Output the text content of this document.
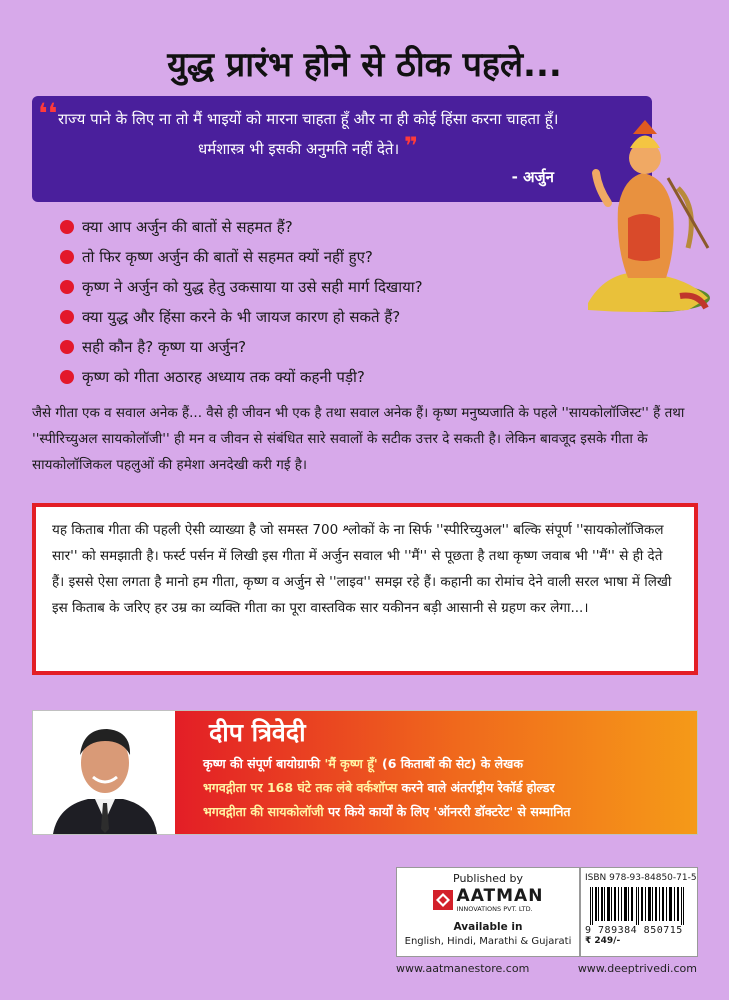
युद्ध प्रारंभ होने से ठीक पहले...
❛❛ राज्य पाने के लिए ना तो मैं भाइयों को मारना चाहता हूँ और ना ही कोई हिंसा करना चाहता हूँ।
धर्मशास्त्र भी इसकी अनुमति नहीं देते। ❞
- अर्जुन
क्या आप अर्जुन की बातों से सहमत हैं?
तो फिर कृष्ण अर्जुन की बातों से सहमत क्यों नहीं हुए?
कृष्ण ने अर्जुन को युद्ध हेतु उकसाया या उसे सही मार्ग दिखाया?
क्या युद्ध और हिंसा करने के भी जायज कारण हो सकते हैं?
सही कौन है? कृष्ण या अर्जुन?
कृष्ण को गीता अठारह अध्याय तक क्यों कहनी पड़ी?
जैसे गीता एक व सवाल अनेक हैं... वैसे ही जीवन भी एक है तथा सवाल अनेक हैं। कृष्ण मनुष्यजाति के पहले ''सायकोलॉजिस्ट'' हैं तथा ''स्पीरिच्युअल सायकोलॉजी'' ही मन व जीवन से संबंधित सारे सवालों के सटीक उत्तर दे सकती है। लेकिन बावजूद इसके गीता के सायकोलॉजिकल पहलुओं की हमेशा अनदेखी करी गई है।
यह किताब गीता की पहली ऐसी व्याख्या है जो समस्त 700 श्लोकों के ना सिर्फ ''स्पीरिच्युअल'' बल्कि संपूर्ण ''सायकोलॉजिकल सार'' को समझाती है। फर्स्ट पर्सन में लिखी इस गीता में अर्जुन सवाल भी ''मैं'' से पूछता है तथा कृष्ण जवाब भी ''मैं'' से ही देते हैं। इससे ऐसा लगता है मानो हम गीता, कृष्ण व अर्जुन से ''लाइव'' समझ रहे हैं। कहानी का रोमांच देने वाली सरल भाषा में लिखी इस किताब के जरिए हर उम्र का व्यक्ति गीता का पूरा वास्तविक सार यकीनन बड़ी आसानी से ग्रहण कर लेगा...।
दीप त्रिवेदी
कृष्ण की संपूर्ण बायोग्राफी 'मैं कृष्ण हूँ' (6 किताबों की सेट) के लेखक
भगवद्गीता पर 168 घंटे तक लंबे वर्कशॉप्स करने वाले अंतर्राष्ट्रीय रेकॉर्ड होल्डर
भगवद्गीता की सायकोलॉजी पर किये कार्यों के लिए 'ऑनररी डॉक्टरेट' से सम्मानित
Published by
AATMAN
INNOVATIONS PVT. LTD.
Available in
English, Hindi, Marathi & Gujarati
ISBN 978-93-84850-71-5
9 789384 850715
₹ 249/-
www.aatmanestore.com	www.deeptrivedi.com
